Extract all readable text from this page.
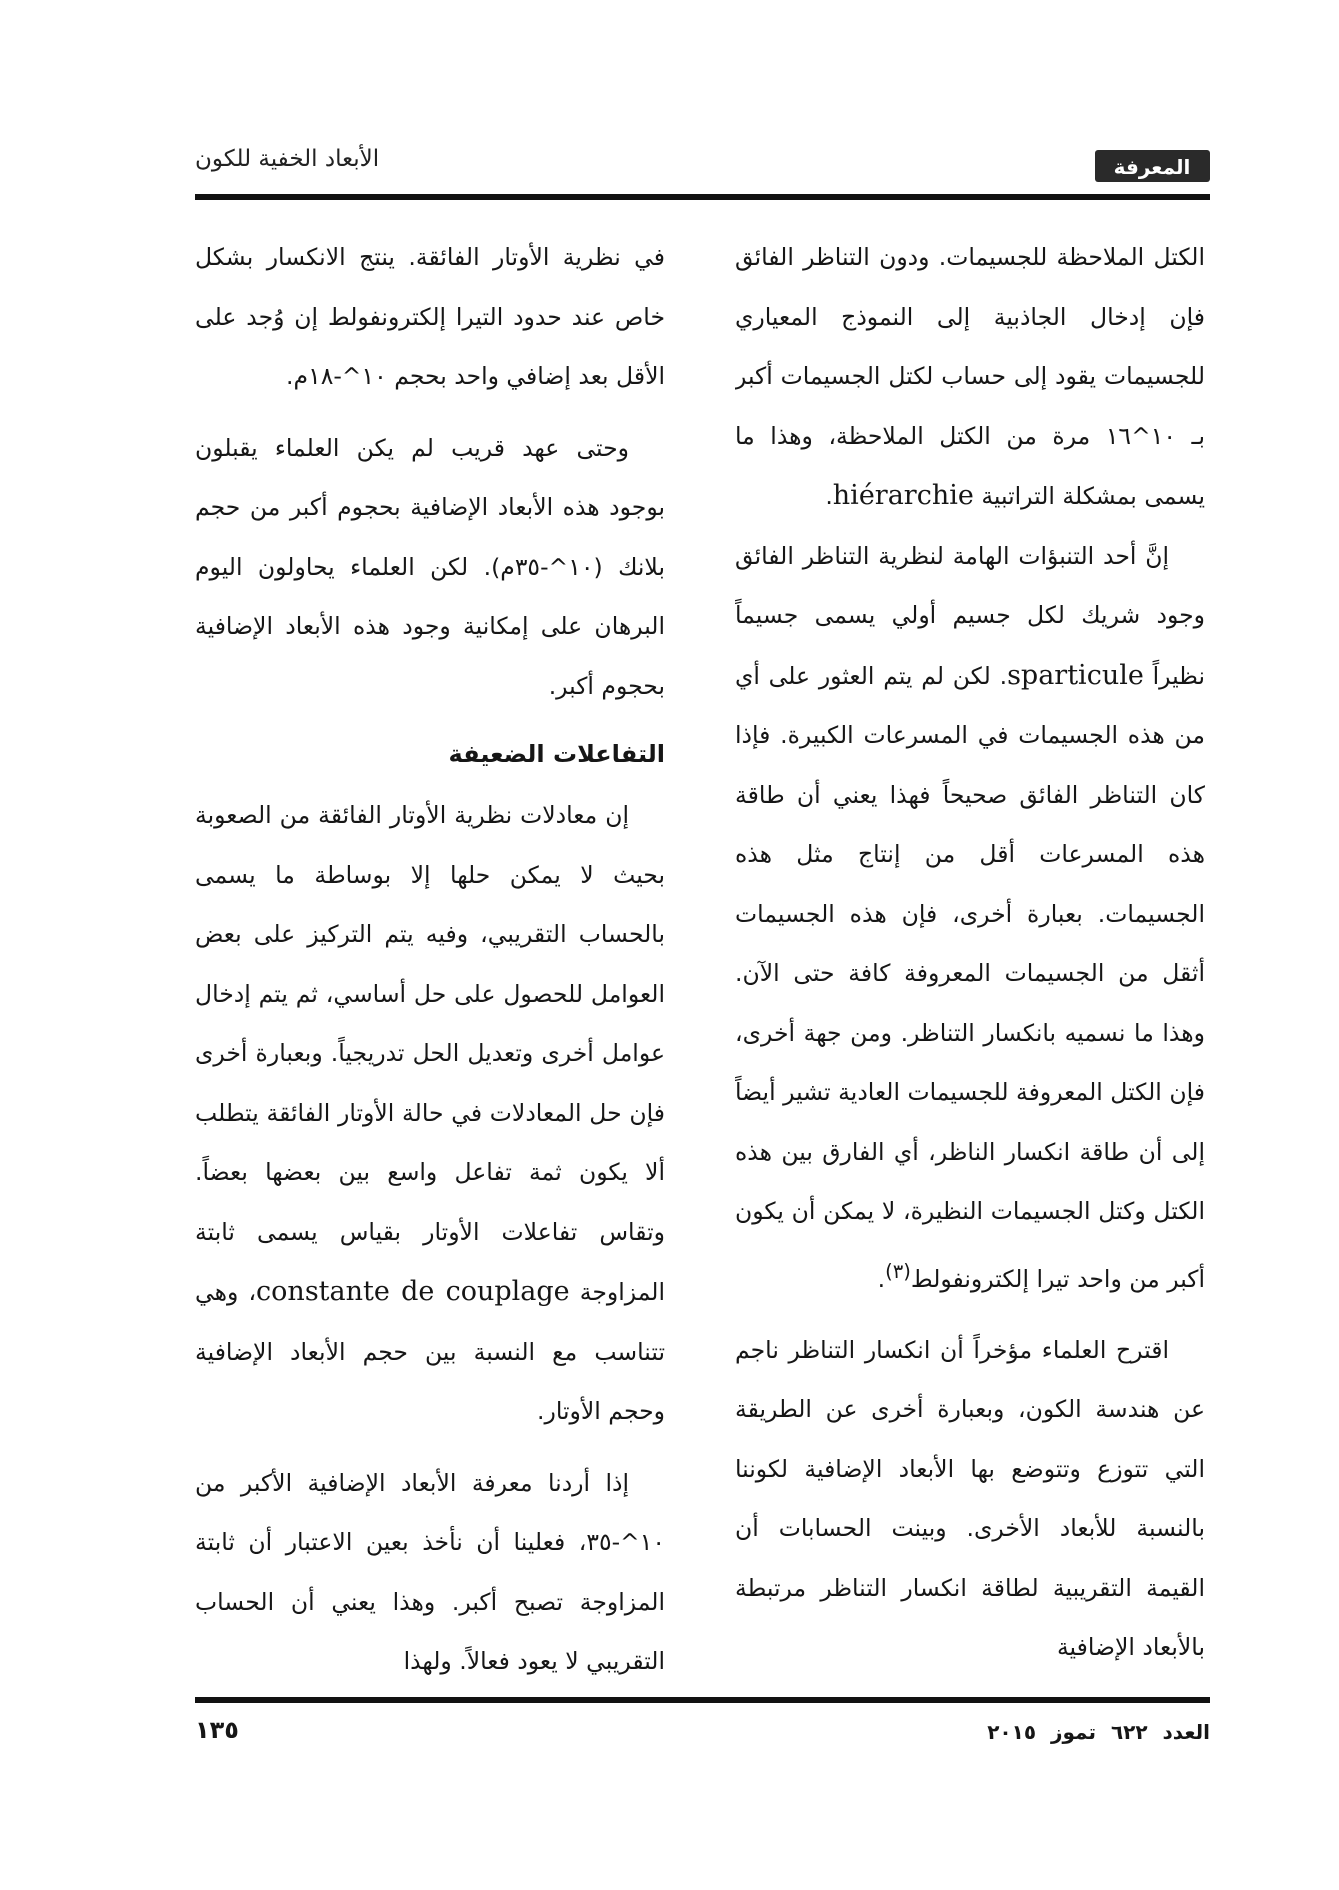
المعرفة
الأبعاد الخفية للكون

الكتل الملاحظة للجسيمات. ودون التناظر الفائق فإن إدخال الجاذبية إلى النموذج المعياري للجسيمات يقود إلى حساب لكتل الجسيمات أكبر بـ ١٠^١٦ مرة من الكتل الملاحظة، وهذا ما يسمى بمشكلة التراتبية hiérarchie.

إنَّ أحد التنبؤات الهامة لنظرية التناظر الفائق وجود شريك لكل جسيم أولي يسمى جسيماً نظيراً sparticule. لكن لم يتم العثور على أي من هذه الجسيمات في المسرعات الكبيرة. فإذا كان التناظر الفائق صحيحاً فهذا يعني أن طاقة هذه المسرعات أقل من إنتاج مثل هذه الجسيمات. بعبارة أخرى، فإن هذه الجسيمات أثقل من الجسيمات المعروفة كافة حتى الآن. وهذا ما نسميه بانكسار التناظر. ومن جهة أخرى، فإن الكتل المعروفة للجسيمات العادية تشير أيضاً إلى أن طاقة انكسار الناظر، أي الفارق بين هذه الكتل وكتل الجسيمات النظيرة، لا يمكن أن يكون أكبر من واحد تيرا إلكترونفولط$^{(٣)}$.

اقترح العلماء مؤخراً أن انكسار التناظر ناجم عن هندسة الكون، وبعبارة أخرى عن الطريقة التي تتوزع وتتوضع بها الأبعاد الإضافية لكوننا بالنسبة للأبعاد الأخرى. وبينت الحسابات أن القيمة التقريبية لطاقة انكسار التناظر مرتبطة بالأبعاد الإضافية

في نظرية الأوتار الفائقة. ينتج الانكسار بشكل خاص عند حدود التيرا إلكترونفولط إن وُجد على الأقل بعد إضافي واحد بحجم ١٠^-١٨م.

وحتى عهد قريب لم يكن العلماء يقبلون بوجود هذه الأبعاد الإضافية بحجوم أكبر من حجم بلانك (١٠^-٣٥م). لكن العلماء يحاولون اليوم البرهان على إمكانية وجود هذه الأبعاد الإضافية بحجوم أكبر.

التفاعلات الضعيفة

إن معادلات نظرية الأوتار الفائقة من الصعوبة بحيث لا يمكن حلها إلا بوساطة ما يسمى بالحساب التقريبي، وفيه يتم التركيز على بعض العوامل للحصول على حل أساسي، ثم يتم إدخال عوامل أخرى وتعديل الحل تدريجياً. وبعبارة أخرى فإن حل المعادلات في حالة الأوتار الفائقة يتطلب ألا يكون ثمة تفاعل واسع بين بعضها بعضاً. وتقاس تفاعلات الأوتار بقياس يسمى ثابتة المزاوجة constante de couplage، وهي تتناسب مع النسبة بين حجم الأبعاد الإضافية وحجم الأوتار.

إذا أردنا معرفة الأبعاد الإضافية الأكبر من ١٠^-٣٥، فعلينا أن نأخذ بعين الاعتبار أن ثابتة المزاوجة تصبح أكبر. وهذا يعني أن الحساب التقريبي لا يعود فعالاً. ولهذا

العدد ٦٢٢ تموز ٢٠١٥
١٣٥
